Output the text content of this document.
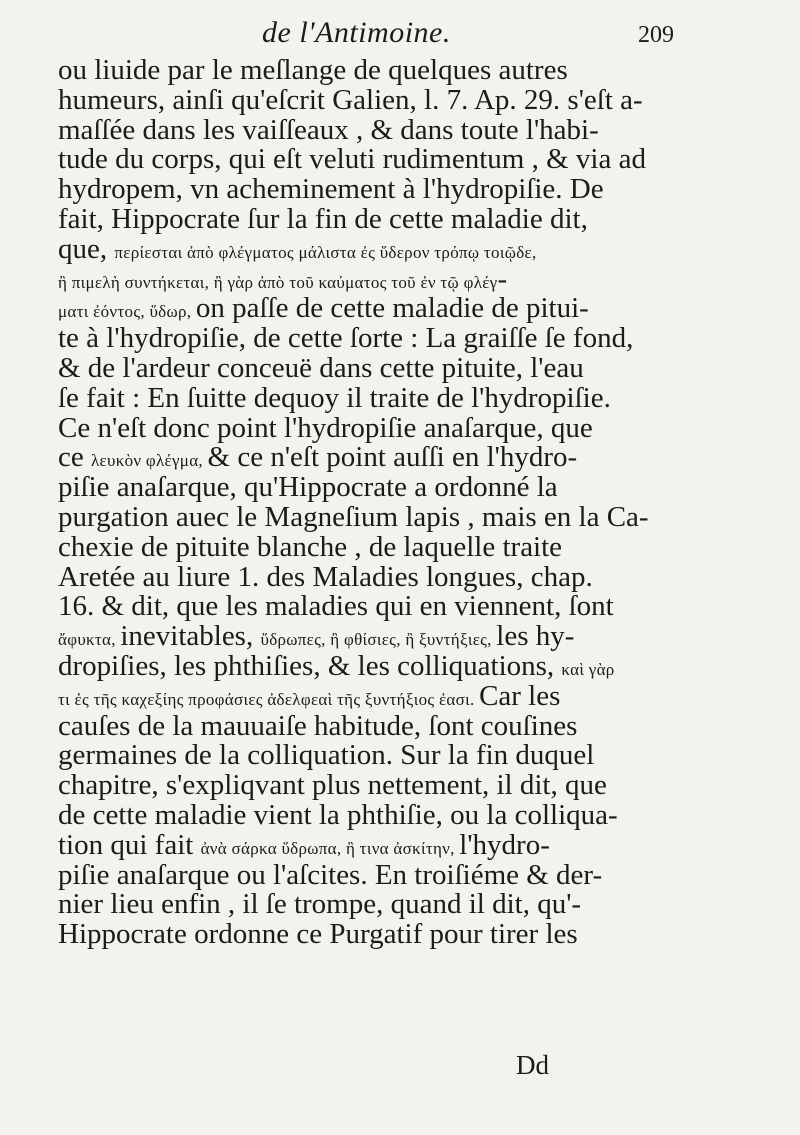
de l'Antimoine.	209
ou liuide par le meſlange de quelques autres
humeurs, ainſi qu'eſcrit Galien, l. 7. Ap. 29. s'eſt a-
maſſée dans les vaiſſeaux , & dans toute l'habi-
tude du corps, qui eſt veluti rudimentum , & via ad
hydropem, vn acheminement à l'hydropiſie. De
fait, Hippocrate ſur la fin de cette maladie dit,
que, περίεσται ἀπὸ φλέγματος μάλιστα ἐς ὕδερον τρόπῳ τοιῷδε,
ἢ πιμελὴ συντήκεται, ἢ γὰρ ἀπὸ τοῦ καύματος τοῦ ἐν τῷ φλέγ-
ματι ἐόντος, ὕδωρ, on paſſe de cette maladie de pitui-
te à l'hydropiſie, de cette ſorte : La graiſſe ſe fond,
& de l'ardeur conceuë dans cette pituite, l'eau
ſe fait : En ſuitte dequoy il traite de l'hydropiſie.
Ce n'eſt donc point l'hydropiſie anaſarque, que
ce λευκὸν φλέγμα, & ce n'eſt point auſſi en l'hydro-
piſie anaſarque, qu'Hippocrate a ordonné la
purgation auec le Magneſium lapis , mais en la Ca-
chexie de pituite blanche , de laquelle traite
Aretée au liure 1. des Maladies longues, chap.
16. & dit, que les maladies qui en viennent, ſont
ἄφυκτα, inevitables, ὕδρωπες, ἢ φθίσιες, ἢ ξυντήξιες, les hy-
dropiſies, les phthiſies, & les colliquations, καὶ γὰρ
τι ἐς τῆς καχεξίης προφάσιες ἀδελφεαὶ τῆς ξυντήξιος ἐασι. Car les
cauſes de la mauuaiſe habitude, ſont couſines
germaines de la colliquation. Sur la fin duquel
chapitre, s'expliqvant plus nettement, il dit, que
de cette maladie vient la phthiſie, ou la colliqua-
tion qui fait ἀνὰ σάρκα ὕδρωπα, ἢ τινα ἀσκίτην, l'hydro-
piſie anaſarque ou l'aſcites. En troiſiéme & der-
nier lieu enfin , il ſe trompe, quand il dit, qu'-
Hippocrate ordonne ce Purgatif pour tirer les
Dd
